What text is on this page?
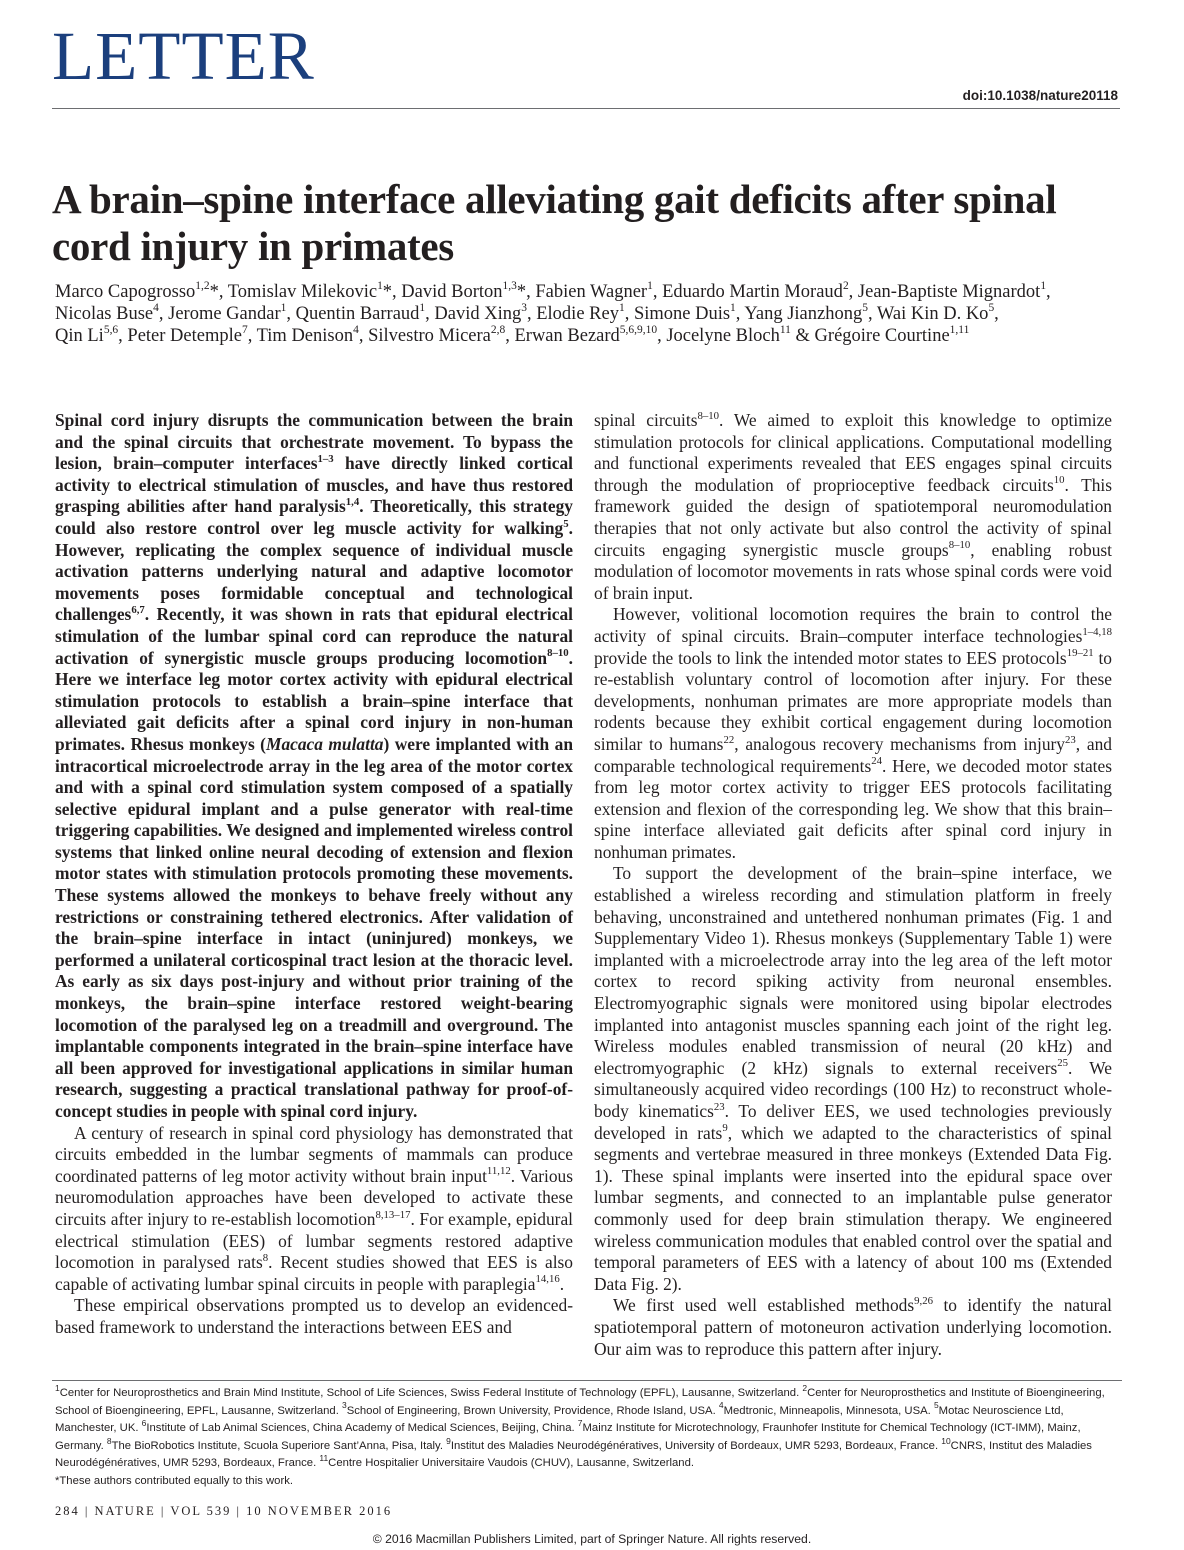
LETTER
doi:10.1038/nature20118
A brain–spine interface alleviating gait deficits after spinal cord injury in primates
Marco Capogrosso$^{1,2}$*, Tomislav Milekovic$^1$*, David Borton$^{1,3}$*, Fabien Wagner$^1$, Eduardo Martin Moraud$^2$, Jean-Baptiste Mignardot$^1$, Nicolas Buse$^4$, Jerome Gandar$^1$, Quentin Barraud$^1$, David Xing$^3$, Elodie Rey$^1$, Simone Duis$^1$, Yang Jianzhong$^5$, Wai Kin D. Ko$^5$, Qin Li$^{5,6}$, Peter Detemple$^7$, Tim Denison$^4$, Silvestro Micera$^{2,8}$, Erwan Bezard$^{5,6,9,10}$, Jocelyne Bloch$^{11}$ & Grégoire Courtine$^{1,11}$

Spinal cord injury disrupts the communication between the brain and the spinal circuits that orchestrate movement. To bypass the lesion, brain–computer interfaces$^{1-3}$ have directly linked cortical activity to electrical stimulation of muscles, and have thus restored grasping abilities after hand paralysis$^{1,4}$. Theoretically, this strategy could also restore control over leg muscle activity for walking$^5$. However, replicating the complex sequence of individual muscle activation patterns underlying natural and adaptive locomotor movements poses formidable conceptual and technological challenges$^{6,7}$. Recently, it was shown in rats that epidural electrical stimulation of the lumbar spinal cord can reproduce the natural activation of synergistic muscle groups producing locomotion$^{8-10}$. Here we interface leg motor cortex activity with epidural electrical stimulation protocols to establish a brain–spine interface that alleviated gait deficits after a spinal cord injury in non-human primates. Rhesus monkeys (Macaca mulatta) were implanted with an intracortical microelectrode array in the leg area of the motor cortex and with a spinal cord stimulation system composed of a spatially selective epidural implant and a pulse generator with real-time triggering capabilities. We designed and implemented wireless control systems that linked online neural decoding of extension and flexion motor states with stimulation protocols promoting these movements. These systems allowed the monkeys to behave freely without any restrictions or constraining tethered electronics. After validation of the brain–spine interface in intact (uninjured) monkeys, we performed a unilateral corticospinal tract lesion at the thoracic level. As early as six days post-injury and without prior training of the monkeys, the brain–spine interface restored weight-bearing locomotion of the paralysed leg on a treadmill and overground. The implantable components integrated in the brain–spine interface have all been approved for investigational applications in similar human research, suggesting a practical translational pathway for proof-of-concept studies in people with spinal cord injury.

A century of research in spinal cord physiology has demonstrated that circuits embedded in the lumbar segments of mammals can produce coordinated patterns of leg motor activity without brain input$^{11,12}$. Various neuromodulation approaches have been developed to activate these circuits after injury to re-establish locomotion$^{8,13-17}$. For example, epidural electrical stimulation (EES) of lumbar segments restored adaptive locomotion in paralysed rats$^8$. Recent studies showed that EES is also capable of activating lumbar spinal circuits in people with paraplegia$^{14,16}$.

These empirical observations prompted us to develop an evidenced-based framework to understand the interactions between EES and

spinal circuits$^{8-10}$. We aimed to exploit this knowledge to optimize stimulation protocols for clinical applications. Computational modelling and functional experiments revealed that EES engages spinal circuits through the modulation of proprioceptive feedback circuits$^{10}$. This framework guided the design of spatiotemporal neuromodulation therapies that not only activate but also control the activity of spinal circuits engaging synergistic muscle groups$^{8-10}$, enabling robust modulation of locomotor movements in rats whose spinal cords were void of brain input.

However, volitional locomotion requires the brain to control the activity of spinal circuits. Brain–computer interface technologies$^{1-4,18}$ provide the tools to link the intended motor states to EES protocols$^{19-21}$ to re-establish voluntary control of locomotion after injury. For these developments, nonhuman primates are more appropriate models than rodents because they exhibit cortical engagement during locomotion similar to humans$^{22}$, analogous recovery mechanisms from injury$^{23}$, and comparable technological requirements$^{24}$. Here, we decoded motor states from leg motor cortex activity to trigger EES protocols facilitating extension and flexion of the corresponding leg. We show that this brain–spine interface alleviated gait deficits after spinal cord injury in nonhuman primates.

To support the development of the brain–spine interface, we established a wireless recording and stimulation platform in freely behaving, unconstrained and untethered nonhuman primates (Fig. 1 and Supplementary Video 1). Rhesus monkeys (Supplementary Table 1) were implanted with a microelectrode array into the leg area of the left motor cortex to record spiking activity from neuronal ensembles. Electromyographic signals were monitored using bipolar electrodes implanted into antagonist muscles spanning each joint of the right leg. Wireless modules enabled transmission of neural (20 kHz) and electromyographic (2 kHz) signals to external receivers$^{25}$. We simultaneously acquired video recordings (100 Hz) to reconstruct whole-body kinematics$^{23}$. To deliver EES, we used technologies previously developed in rats$^9$, which we adapted to the characteristics of spinal segments and vertebrae measured in three monkeys (Extended Data Fig. 1). These spinal implants were inserted into the epidural space over lumbar segments, and connected to an implantable pulse generator commonly used for deep brain stimulation therapy. We engineered wireless communication modules that enabled control over the spatial and temporal parameters of EES with a latency of about 100 ms (Extended Data Fig. 2).

We first used well established methods$^{9,26}$ to identify the natural spatiotemporal pattern of motoneuron activation underlying locomotion. Our aim was to reproduce this pattern after injury.

$^1$Center for Neuroprosthetics and Brain Mind Institute, School of Life Sciences, Swiss Federal Institute of Technology (EPFL), Lausanne, Switzerland. $^2$Center for Neuroprosthetics and Institute of Bioengineering, School of Bioengineering, EPFL, Lausanne, Switzerland. $^3$School of Engineering, Brown University, Providence, Rhode Island, USA. $^4$Medtronic, Minneapolis, Minnesota, USA. $^5$Motac Neuroscience Ltd, Manchester, UK. $^6$Institute of Lab Animal Sciences, China Academy of Medical Sciences, Beijing, China. $^7$Mainz Institute for Microtechnology, Fraunhofer Institute for Chemical Technology (ICT-IMM), Mainz, Germany. $^8$The BioRobotics Institute, Scuola Superiore Sant’Anna, Pisa, Italy. $^9$Institut des Maladies Neurodégénératives, University of Bordeaux, UMR 5293, Bordeaux, France. $^{10}$CNRS, Institut des Maladies Neurodégénératives, UMR 5293, Bordeaux, France. $^{11}$Centre Hospitalier Universitaire Vaudois (CHUV), Lausanne, Switzerland.

*These authors contributed equally to this work.

284 | NATURE | VOL 539 | 10 NOVEMBER 2016
© 2016 Macmillan Publishers Limited, part of Springer Nature. All rights reserved.
